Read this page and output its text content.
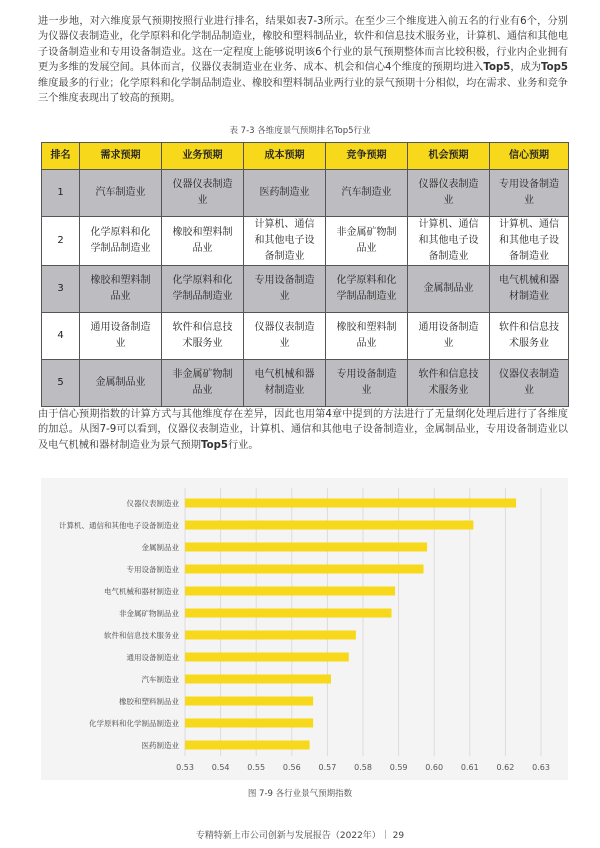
进一步地，对六维度景气预期按照行业进行排名，结果如表7-3所示。在至少三个维度进入前五名的行业有6个，分别为仪器仪表制造业，化学原料和化学制品制造业，橡胶和塑料制品业，软件和信息技术服务业，计算机、通信和其他电子设备制造业和专用设备制造业。这在一定程度上能够说明该6个行业的景气预期整体而言比较积极，行业内企业拥有更为多维的发展空间。具体而言，仪器仪表制造业在业务、成本、机会和信心4个维度的预期均进入Top5，成为Top5维度最多的行业；化学原料和化学制品制造业、橡胶和塑料制品业两行业的景气预期十分相似，均在需求、业务和竞争三个维度表现出了较高的预期。
表 7-3 各维度景气预期排名Top5行业
排名	需求预期	业务预期	成本预期	竞争预期	机会预期	信心预期
1	汽车制造业	仪器仪表制造业	医药制造业	汽车制造业	仪器仪表制造业	专用设备制造业
2	化学原料和化学制品制造业	橡胶和塑料制品业	计算机、通信和其他电子设备制造业	非金属矿物制品业	计算机、通信和其他电子设备制造业	计算机、通信和其他电子设备制造业
3	橡胶和塑料制品业	化学原料和化学制品制造业	专用设备制造业	化学原料和化学制品制造业	金属制品业	电气机械和器材制造业
4	通用设备制造业	软件和信息技术服务业	仪器仪表制造业	橡胶和塑料制品业	通用设备制造业	软件和信息技术服务业
5	金属制品业	非金属矿物制品业	电气机械和器材制造业	专用设备制造业	软件和信息技术服务业	仪器仪表制造业
由于信心预期指数的计算方式与其他维度存在差异，因此也用第4章中提到的方法进行了无量纲化处理后进行了各维度的加总。从图7-9可以看到，仪器仪表制造业，计算机、通信和其他电子设备制造业，金属制品业，专用设备制造业以及电气机械和器材制造业为景气预期Top5行业。
0.53 0.54 0.55 0.56 0.57 0.58 0.59 0.60 0.61 0.62 0.63
仪器仪表制造业
计算机、通信和其他电子设备制造业
金属制品业
专用设备制造业
电气机械和器材制造业
非金属矿物制品业
软件和信息技术服务业
通用设备制造业
汽车制造业
橡胶和塑料制品业
化学原料和化学制品制造业
医药制造业
图 7-9 各行业景气预期指数
专精特新上市公司创新与发展报告（2022年）｜ 29
